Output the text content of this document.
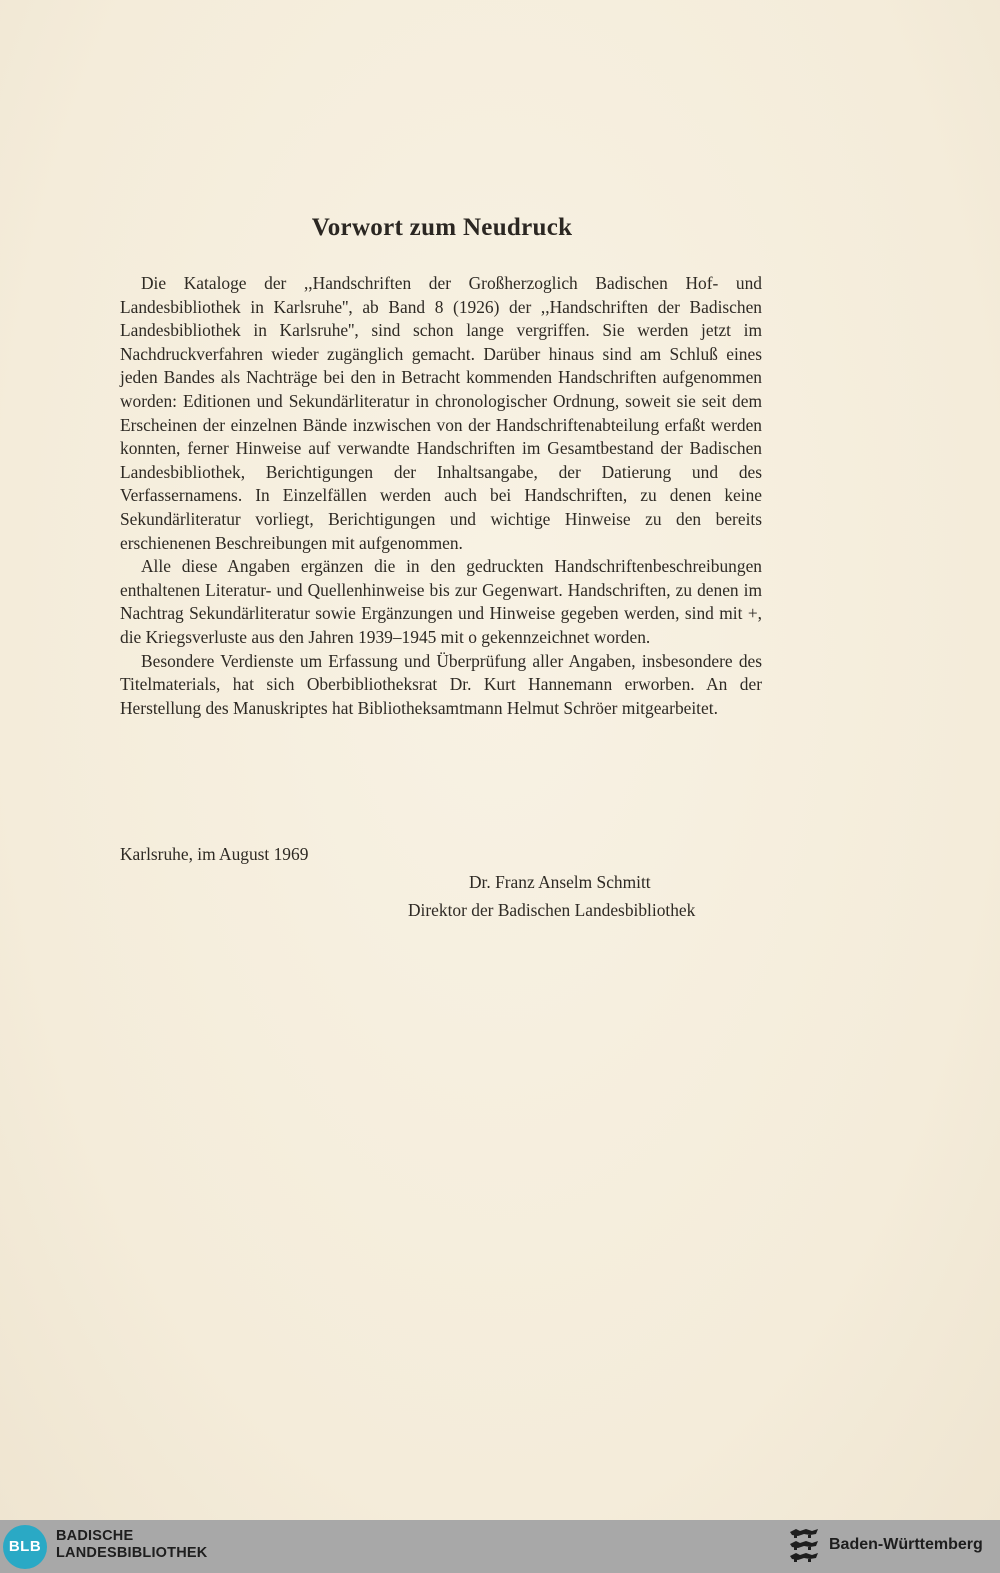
Vorwort zum Neudruck

Die Kataloge der ,,Handschriften der Großherzoglich Badischen Hof- und Landesbibliothek in Karlsruhe'', ab Band 8 (1926) der ,,Handschriften der Badischen Landesbibliothek in Karlsruhe'', sind schon lange vergriffen. Sie werden jetzt im Nachdruckverfahren wieder zugänglich gemacht. Darüber hinaus sind am Schluß eines jeden Bandes als Nachträge bei den in Betracht kommenden Handschriften aufgenommen worden: Editionen und Sekundärliteratur in chronologischer Ordnung, soweit sie seit dem Erscheinen der einzelnen Bände inzwischen von der Handschriftenabteilung erfaßt werden konnten, ferner Hinweise auf verwandte Handschriften im Gesamtbestand der Badischen Landesbibliothek, Berichtigungen der Inhaltsangabe, der Datierung und des Verfassernamens. In Einzelfällen werden auch bei Handschriften, zu denen keine Sekundärliteratur vorliegt, Berichtigungen und wichtige Hinweise zu den bereits erschienenen Beschreibungen mit aufgenommen.

Alle diese Angaben ergänzen die in den gedruckten Handschriftenbeschreibungen enthaltenen Literatur- und Quellenhinweise bis zur Gegenwart. Handschriften, zu denen im Nachtrag Sekundärliteratur sowie Ergänzungen und Hinweise gegeben werden, sind mit +, die Kriegsverluste aus den Jahren 1939–1945 mit o gekennzeichnet worden.

Besondere Verdienste um Erfassung und Überprüfung aller Angaben, insbesondere des Titelmaterials, hat sich Oberbibliotheksrat Dr. Kurt Hannemann erworben. An der Herstellung des Manuskriptes hat Bibliotheksamtmann Helmut Schröer mitgearbeitet.

Karlsruhe, im August 1969
Dr. Franz Anselm Schmitt
Direktor der Badischen Landesbibliothek
BLB
BADISCHE
LANDESBIBLIOTHEK	Baden-Württemberg
